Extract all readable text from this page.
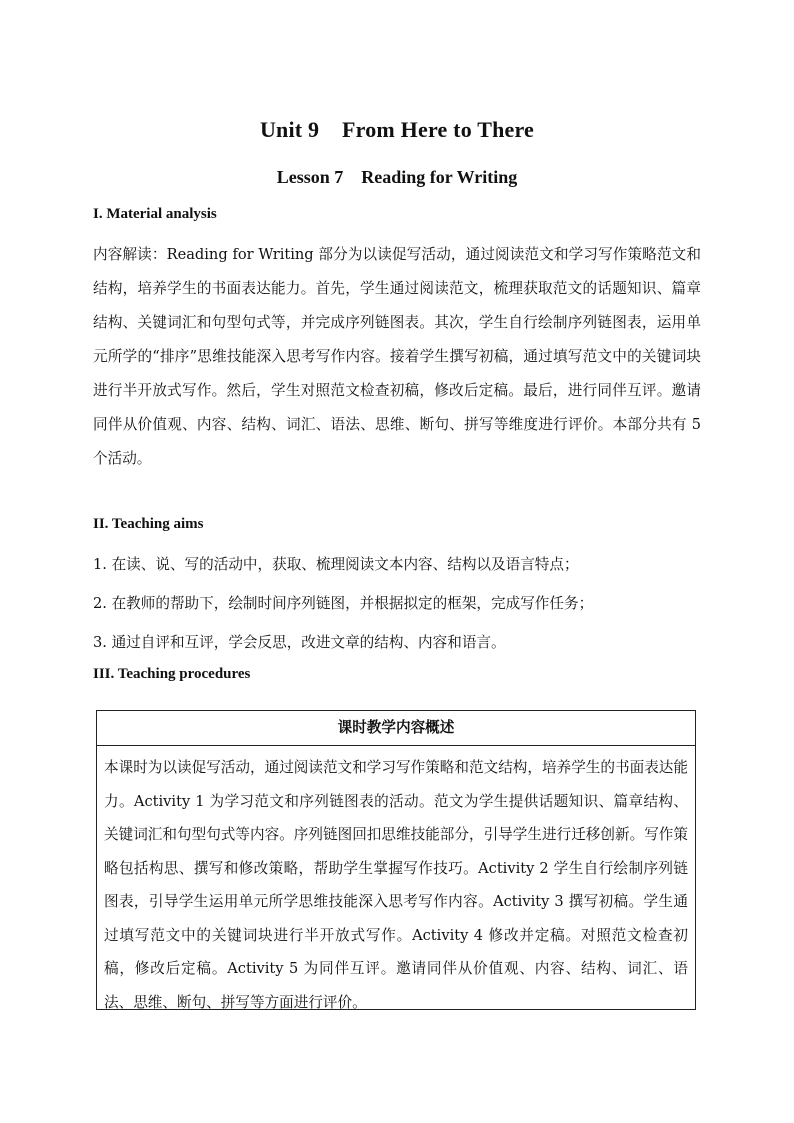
Unit 9    From Here to There
Lesson 7    Reading for Writing
I. Material analysis
内容解读：Reading for Writing 部分为以读促写活动，通过阅读范文和学习写作策略范文和结构，培养学生的书面表达能力。首先，学生通过阅读范文，梳理获取范文的话题知识、篇章结构、关键词汇和句型句式等，并完成序列链图表。其次，学生自行绘制序列链图表，运用单元所学的“排序”思维技能深入思考写作内容。接着学生撰写初稿，通过填写范文中的关键词块进行半开放式写作。然后，学生对照范文检查初稿，修改后定稿。最后，进行同伴互评。邀请同伴从价值观、内容、结构、词汇、语法、思维、断句、拼写等维度进行评价。本部分共有 5 个活动。
II. Teaching aims
1. 在读、说、写的活动中，获取、梳理阅读文本内容、结构以及语言特点；
2. 在教师的帮助下，绘制时间序列链图，并根据拟定的框架，完成写作任务；
3. 通过自评和互评，学会反思，改进文章的结构、内容和语言。
III. Teaching procedures
课时教学内容概述
本课时为以读促写活动，通过阅读范文和学习写作策略和范文结构，培养学生的书面表达能力。Activity 1 为学习范文和序列链图表的活动。范文为学生提供话题知识、篇章结构、关键词汇和句型句式等内容。序列链图回扣思维技能部分，引导学生进行迁移创新。写作策略包括构思、撰写和修改策略，帮助学生掌握写作技巧。Activity 2 学生自行绘制序列链图表，引导学生运用单元所学思维技能深入思考写作内容。Activity 3 撰写初稿。学生通过填写范文中的关键词块进行半开放式写作。Activity 4 修改并定稿。对照范文检查初稿，修改后定稿。Activity 5 为同伴互评。邀请同伴从价值观、内容、结构、词汇、语法、思维、断句、拼写等方面进行评价。
